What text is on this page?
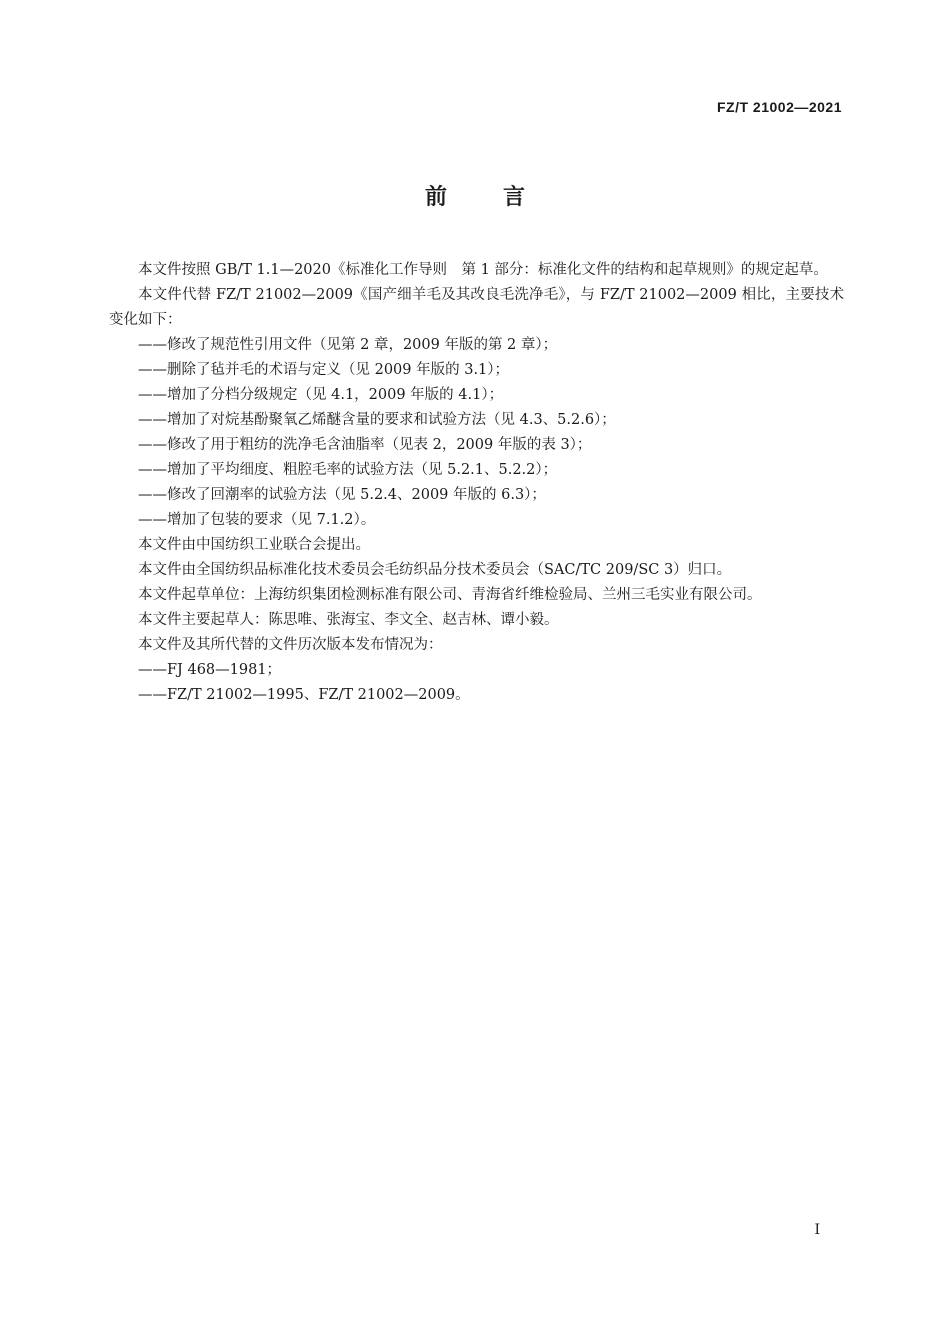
FZ/T 21002—2021
前言

本文件按照 GB/T 1.1—2020《标准化工作导则　第 1 部分：标准化文件的结构和起草规则》的规定起草。

本文件代替 FZ/T 21002—2009《国产细羊毛及其改良毛洗净毛》，与 FZ/T 21002—2009 相比，主要技术变化如下：

——修改了规范性引用文件（见第 2 章，2009 年版的第 2 章）；

——删除了毡并毛的术语与定义（见 2009 年版的 3.1）；

——增加了分档分级规定（见 4.1，2009 年版的 4.1）；

——增加了对烷基酚聚氧乙烯醚含量的要求和试验方法（见 4.3、5.2.6）；

——修改了用于粗纺的洗净毛含油脂率（见表 2，2009 年版的表 3）；

——增加了平均细度、粗腔毛率的试验方法（见 5.2.1、5.2.2）；

——修改了回潮率的试验方法（见 5.2.4、2009 年版的 6.3）；

——增加了包装的要求（见 7.1.2）。

本文件由中国纺织工业联合会提出。

本文件由全国纺织品标准化技术委员会毛纺织品分技术委员会（SAC/TC 209/SC 3）归口。

本文件起草单位：上海纺织集团检测标准有限公司、青海省纤维检验局、兰州三毛实业有限公司。

本文件主要起草人：陈思唯、张海宝、李文全、赵吉林、谭小毅。

本文件及其所代替的文件历次版本发布情况为：

——FJ 468—1981；

——FZ/T 21002—1995、FZ/T 21002—2009。

I
